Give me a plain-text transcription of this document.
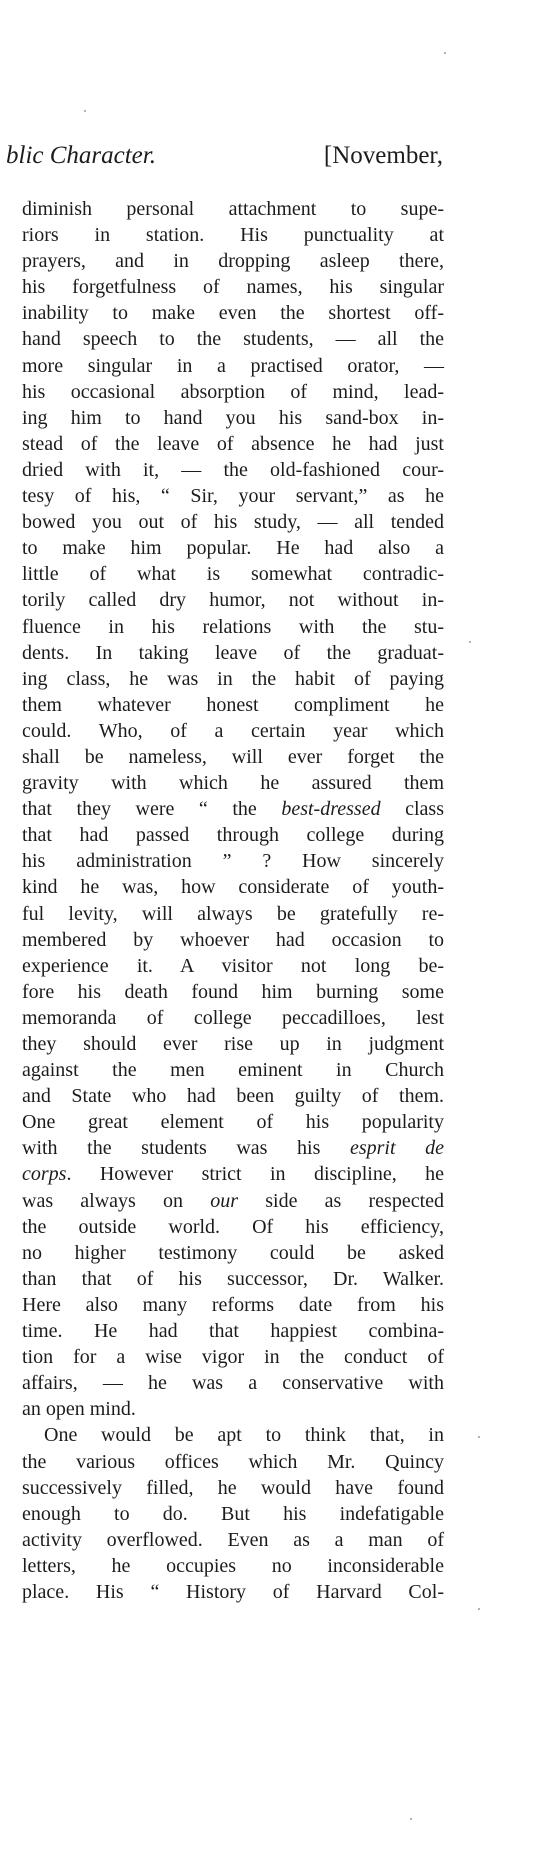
blic Character.	[November,
diminish personal attachment to supe-
riors in station. His punctuality at
prayers, and in dropping asleep there,
his forgetfulness of names, his singular
inability to make even the shortest off-
hand speech to the students, — all the
more singular in a practised orator, —
his occasional absorption of mind, lead-
ing him to hand you his sand-box in-
stead of the leave of absence he had just
dried with it, — the old-fashioned cour-
tesy of his, “ Sir, your servant,” as he
bowed you out of his study, — all tended
to make him popular. He had also a
little of what is somewhat contradic-
torily called dry humor, not without in-
fluence in his relations with the stu-
dents. In taking leave of the graduat-
ing class, he was in the habit of paying
them whatever honest compliment he
could. Who, of a certain year which
shall be nameless, will ever forget the
gravity with which he assured them
that they were “ the best-dressed class
that had passed through college during
his administration ” ? How sincerely
kind he was, how considerate of youth-
ful levity, will always be gratefully re-
membered by whoever had occasion to
experience it. A visitor not long be-
fore his death found him burning some
memoranda of college peccadilloes, lest
they should ever rise up in judgment
against the men eminent in Church
and State who had been guilty of them.
One great element of his popularity
with the students was his esprit de
corps. However strict in discipline, he
was always on our side as respected
the outside world. Of his efficiency,
no higher testimony could be asked
than that of his successor, Dr. Walker.
Here also many reforms date from his
time. He had that happiest combina-
tion for a wise vigor in the conduct of
affairs, — he was a conservative with
an open mind.
One would be apt to think that, in
the various offices which Mr. Quincy
successively filled, he would have found
enough to do. But his indefatigable
activity overflowed. Even as a man of
letters, he occupies no inconsiderable
place. His “ History of Harvard Col-
